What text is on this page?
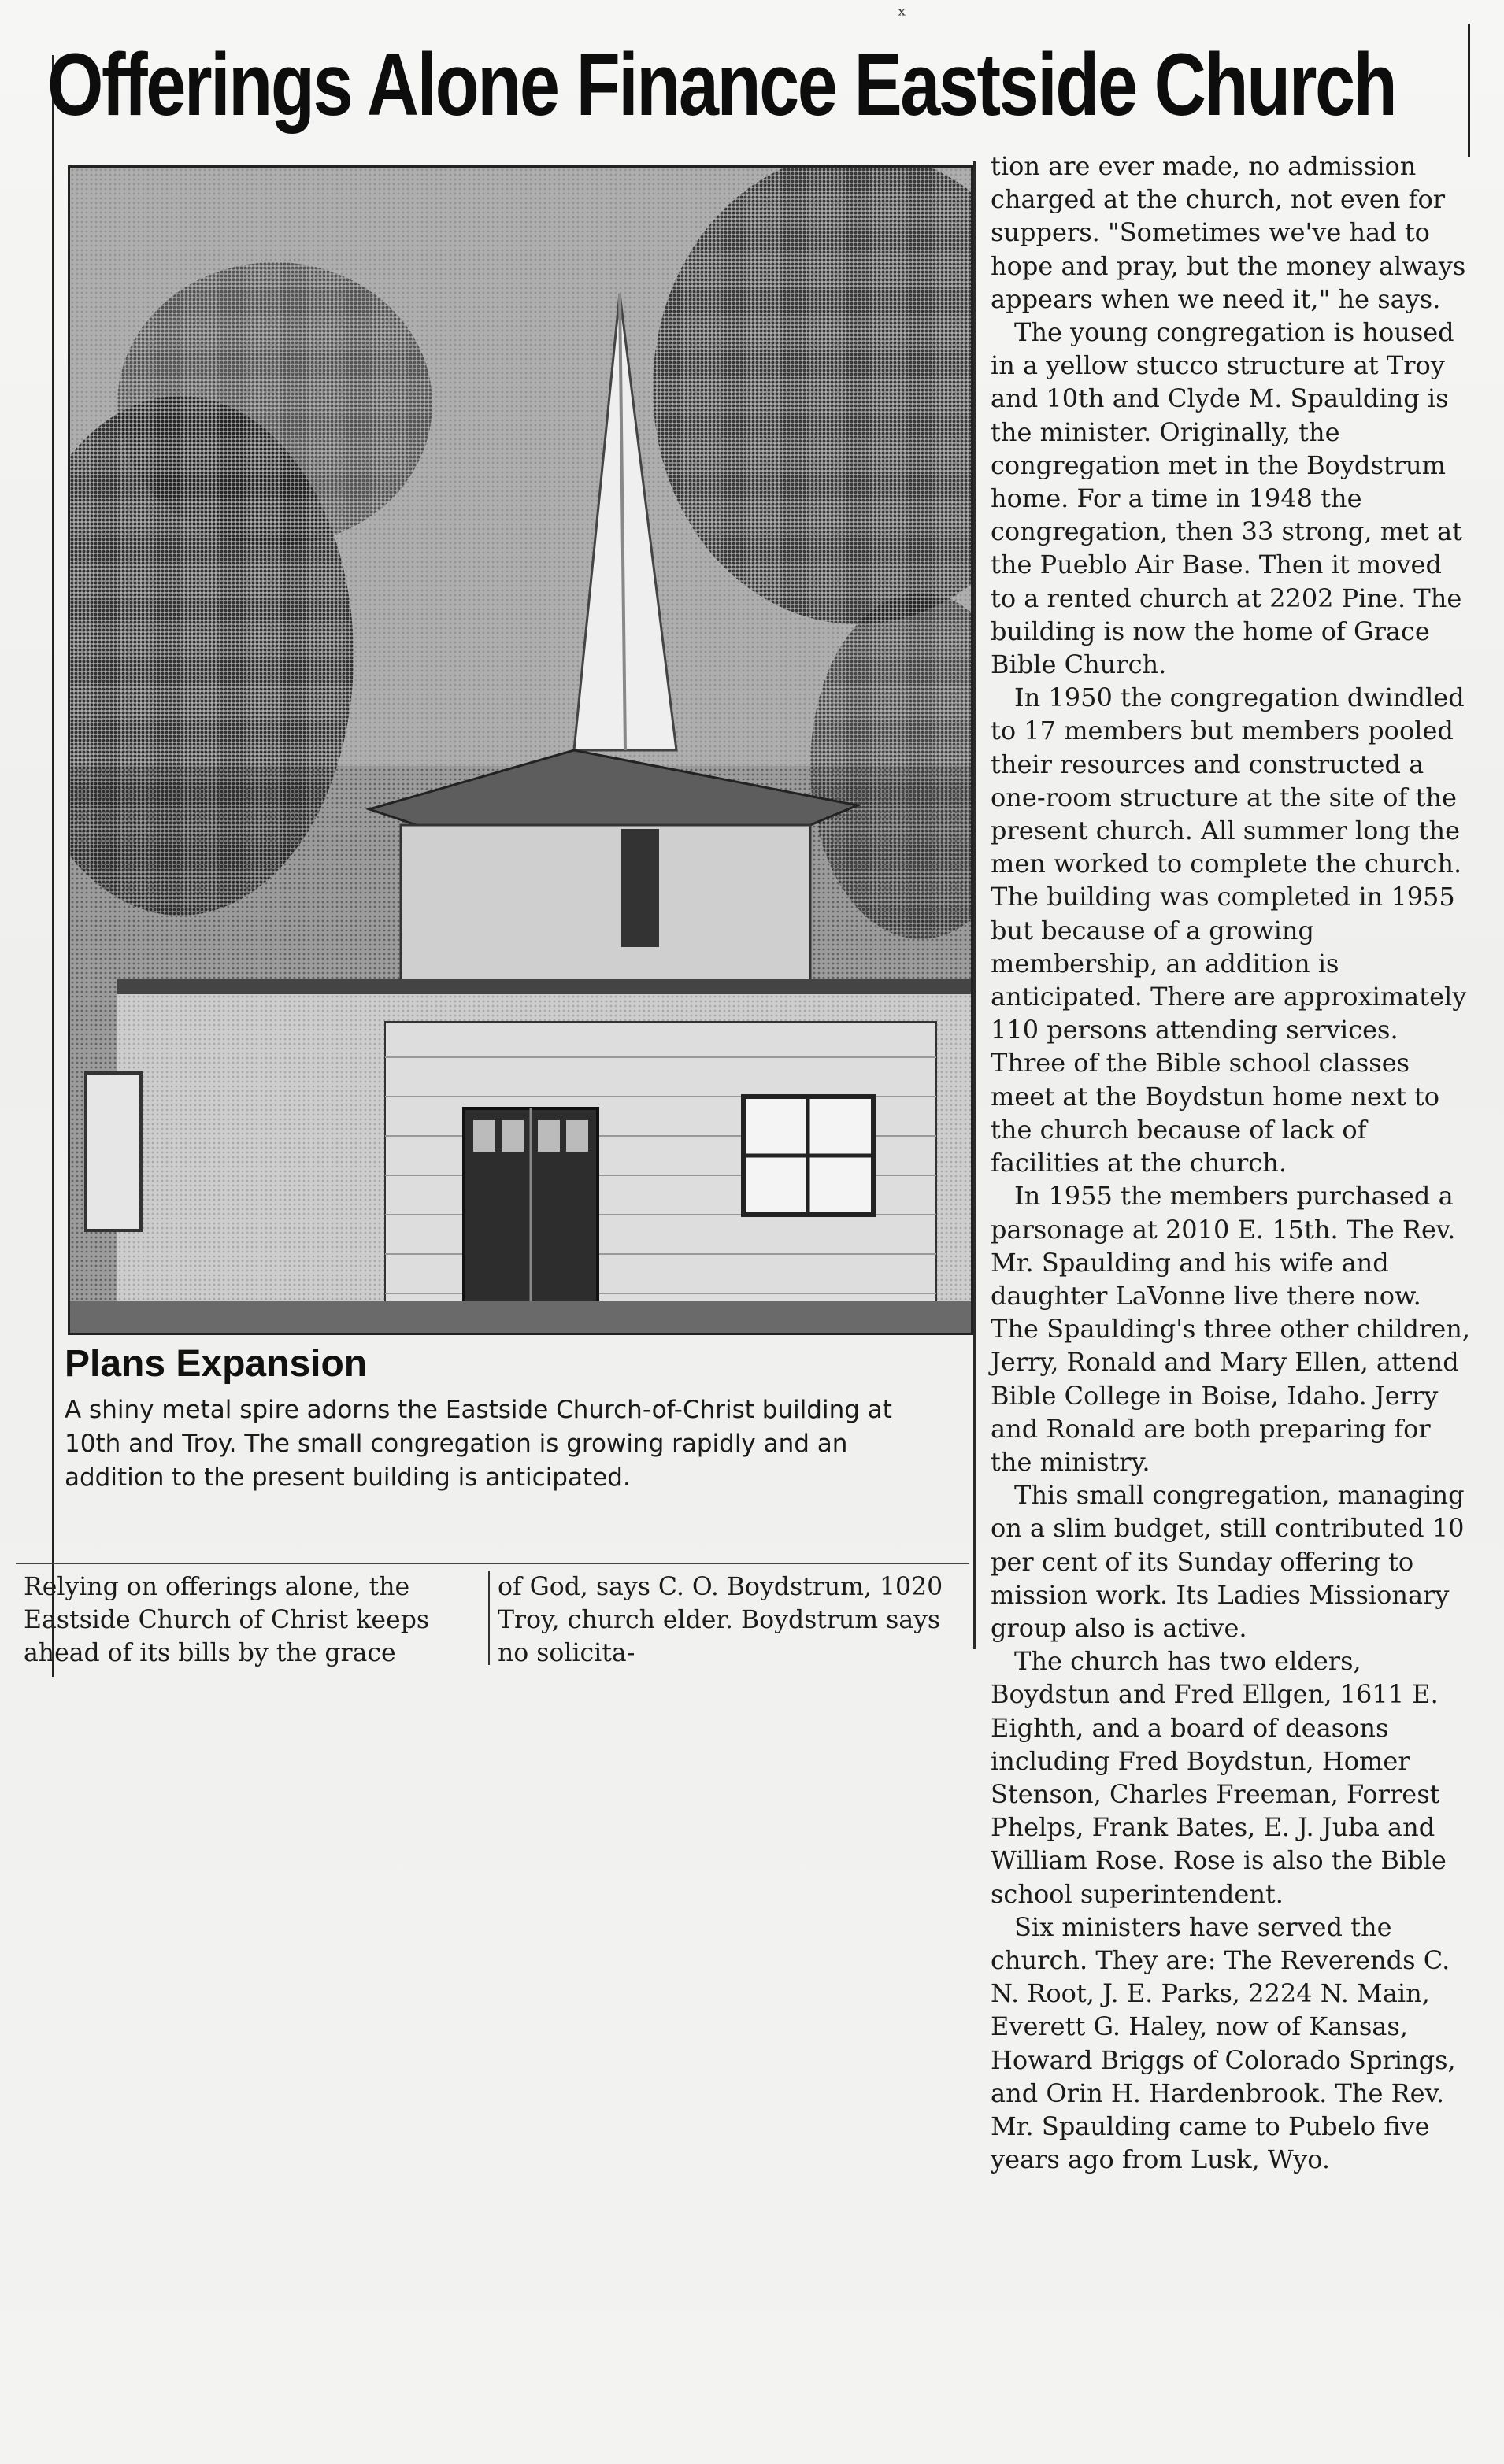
ˣ
Offerings Alone Finance Eastside Church
Plans Expansion
A shiny metal spire adorns the Eastside Church-of-Christ building at 10th and Troy. The small congregation is growing rapidly and an addition to the present building is anticipated.

Relying on offerings alone, the Eastside Church of Christ keeps ahead of its bills by the grace

of God, says C. O. Boydstrum, 1020 Troy, church elder. Boydstrum says no solicita-

tion are ever made, no admission charged at the church, not even for suppers. "Sometimes we've had to hope and pray, but the money always appears when we need it," he says.

The young congregation is housed in a yellow stucco structure at Troy and 10th and Clyde M. Spaulding is the minister. Originally, the congregation met in the Boydstrum home. For a time in 1948 the congregation, then 33 strong, met at the Pueblo Air Base. Then it moved to a rented church at 2202 Pine. The building is now the home of Grace Bible Church.

In 1950 the congregation dwindled to 17 members but members pooled their resources and constructed a one-room structure at the site of the present church. All summer long the men worked to complete the church. The building was completed in 1955 but because of a growing membership, an addition is anticipated. There are approximately 110 persons attending services. Three of the Bible school classes meet at the Boydstun home next to the church because of lack of facilities at the church.

In 1955 the members purchased a parsonage at 2010 E. 15th. The Rev. Mr. Spaulding and his wife and daughter LaVonne live there now. The Spaulding's three other children, Jerry, Ronald and Mary Ellen, attend Bible College in Boise, Idaho. Jerry and Ronald are both preparing for the ministry.

This small congregation, managing on a slim budget, still contributed 10 per cent of its Sunday offering to mission work. Its Ladies Missionary group also is active.

The church has two elders, Boydstun and Fred Ellgen, 1611 E. Eighth, and a board of deasons including Fred Boydstun, Homer Stenson, Charles Freeman, Forrest Phelps, Frank Bates, E. J. Juba and William Rose. Rose is also the Bible school superintendent.

Six ministers have served the church. They are: The Reverends C. N. Root, J. E. Parks, 2224 N. Main, Everett G. Haley, now of Kansas, Howard Briggs of Colorado Springs, and Orin H. Hardenbrook. The Rev. Mr. Spaulding came to Pubelo five years ago from Lusk, Wyo.
